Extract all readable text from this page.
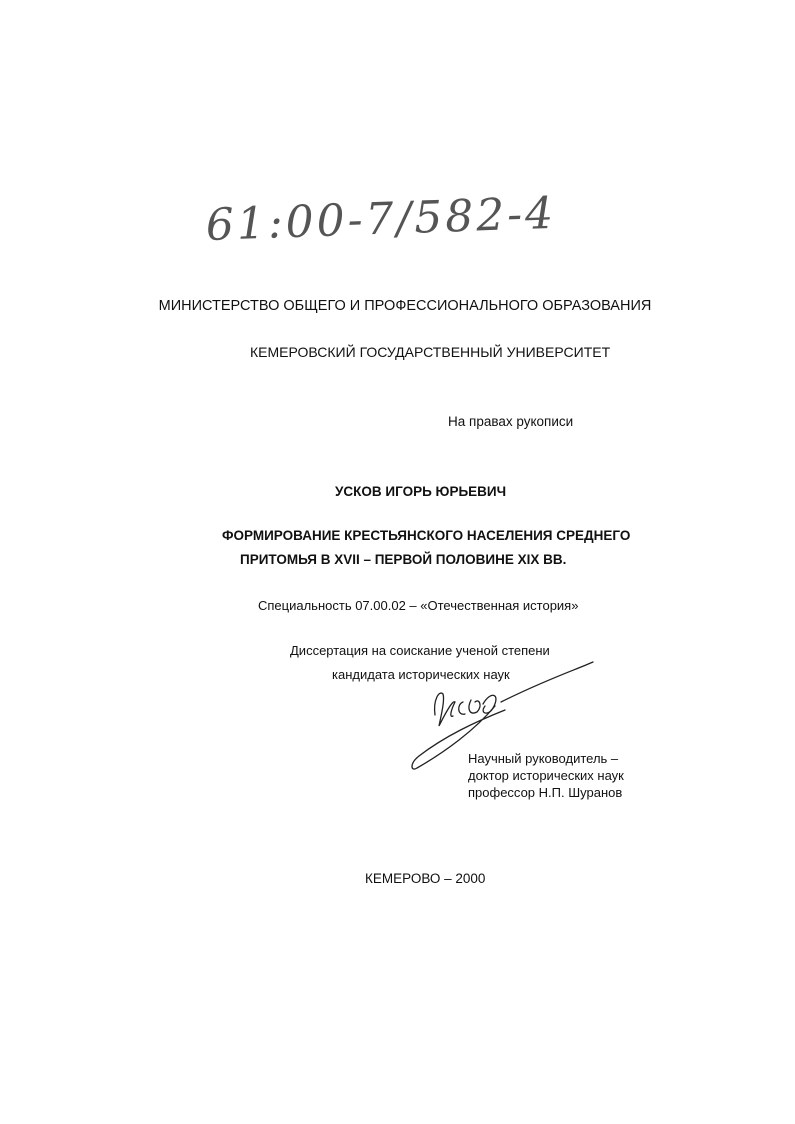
61:00-7/582-4
МИНИСТЕРСТВО ОБЩЕГО И ПРОФЕССИОНАЛЬНОГО ОБРАЗОВАНИЯ
КЕМЕРОВСКИЙ ГОСУДАРСТВЕННЫЙ УНИВЕРСИТЕТ
На правах рукописи
УСКОВ ИГОРЬ ЮРЬЕВИЧ
ФОРМИРОВАНИЕ КРЕСТЬЯНСКОГО НАСЕЛЕНИЯ СРЕДНЕГО
ПРИТОМЬЯ В XVII – ПЕРВОЙ ПОЛОВИНЕ XIX ВВ.
Специальность 07.00.02 – «Отечественная история»
Диссертация на соискание ученой степени
кандидата исторических наук
Научный руководитель –
доктор исторических наук
профессор Н.П. Шуранов
КЕМЕРОВО – 2000
